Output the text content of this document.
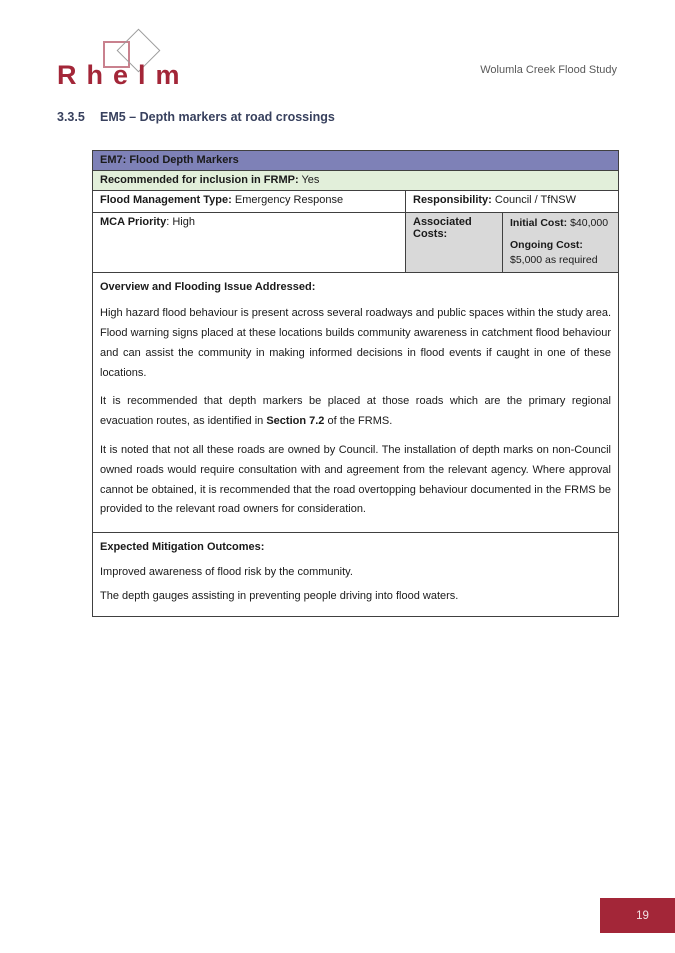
R h e l m	Wolumla Creek Flood Study
3.3.5	EM5 – Depth markers at road crossings
EM7: Flood Depth Markers		
Recommended for inclusion in FRMP: Yes		
Flood Management Type: Emergency Response	Responsibility: Council / TfNSW	
MCA Priority: High	Associated Costs:	Initial Cost: $40,000
Ongoing Cost: $5,000 as required

Overview and Flooding Issue Addressed:

High hazard flood behaviour is present across several roadways and public spaces within the study area. Flood warning signs placed at these locations builds community awareness in catchment flood behaviour and can assist the community in making informed decisions in flood events if caught in one of these locations.

It is recommended that depth markers be placed at those roads which are the primary regional evacuation routes, as identified in Section 7.2 of the FRMS.

It is noted that not all these roads are owned by Council. The installation of depth marks on non-Council owned roads would require consultation with and agreement from the relevant agency. Where approval cannot be obtained, it is recommended that the road overtopping behaviour documented in the FRMS be provided to the relevant road owners for consideration.		

Expected Mitigation Outcomes:

Improved awareness of flood risk by the community.

The depth gauges assisting in preventing people driving into flood waters.		

19
